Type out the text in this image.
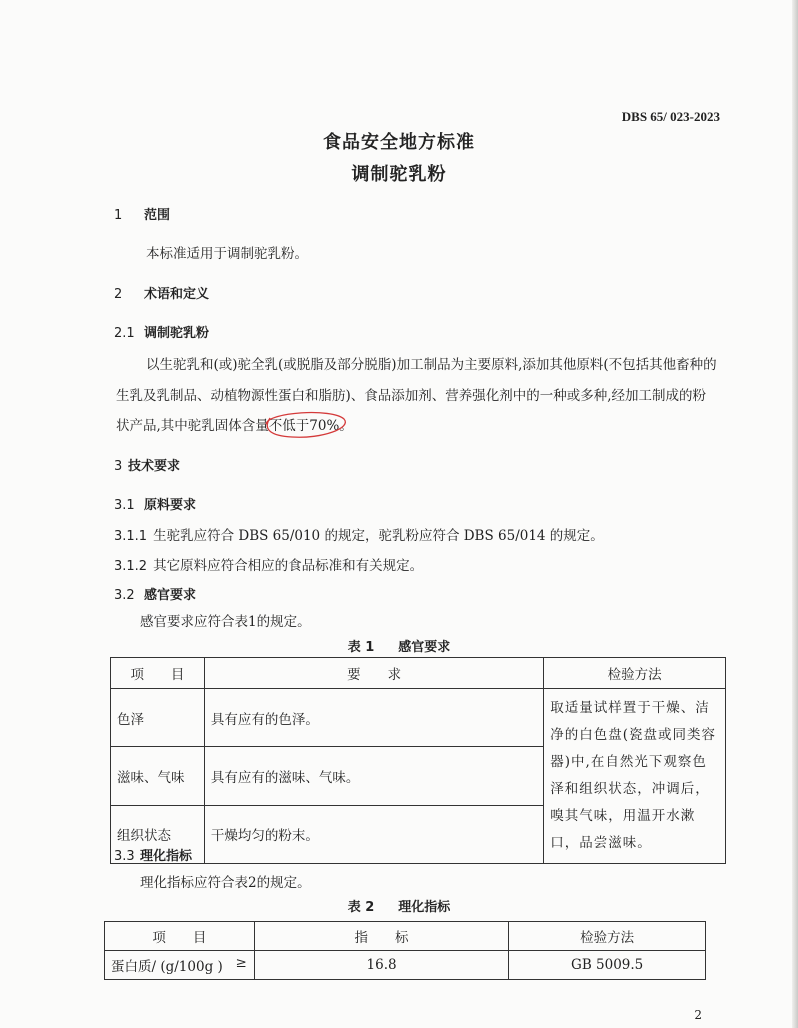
DBS 65/ 023-2023
食品安全地方标准
调制驼乳粉
1 范围
本标准适用于调制驼乳粉。
2 术语和定义
2.1 调制驼乳粉
以生驼乳和(或)驼全乳(或脱脂及部分脱脂)加工制品为主要原料,添加其他原料(不包括其他畜种的
生乳及乳制品、动植物源性蛋白和脂肪)、食品添加剂、营养强化剂中的一种或多种,经加工制成的粉
状产品,其中驼乳固体含量不低于70%。
3 技术要求
3.1 原料要求
3.1.1 生驼乳应符合 DBS 65/010 的规定，驼乳粉应符合 DBS 65/014 的规定。
3.1.2 其它原料应符合相应的食品标准和有关规定。
3.2 感官要求
感官要求应符合表1的规定。
表 1 感官要求
项　　目	要　　求	检验方法
色泽	具有应有的色泽。	取适量试样置于干燥、洁净的白色盘(瓷盘或同类容器)中,在自然光下观察色泽和组织状态，冲调后，嗅其气味，用温开水漱口，品尝滋味。
滋味、气味	具有应有的滋味、气味。	
组织状态	干燥均匀的粉末。	
3.3 理化指标
理化指标应符合表2的规定。
表 2 理化指标
项　　目	指　　标	检验方法
蛋白质/ (g/100g ) ≥	16.8	GB 5009.5
2
